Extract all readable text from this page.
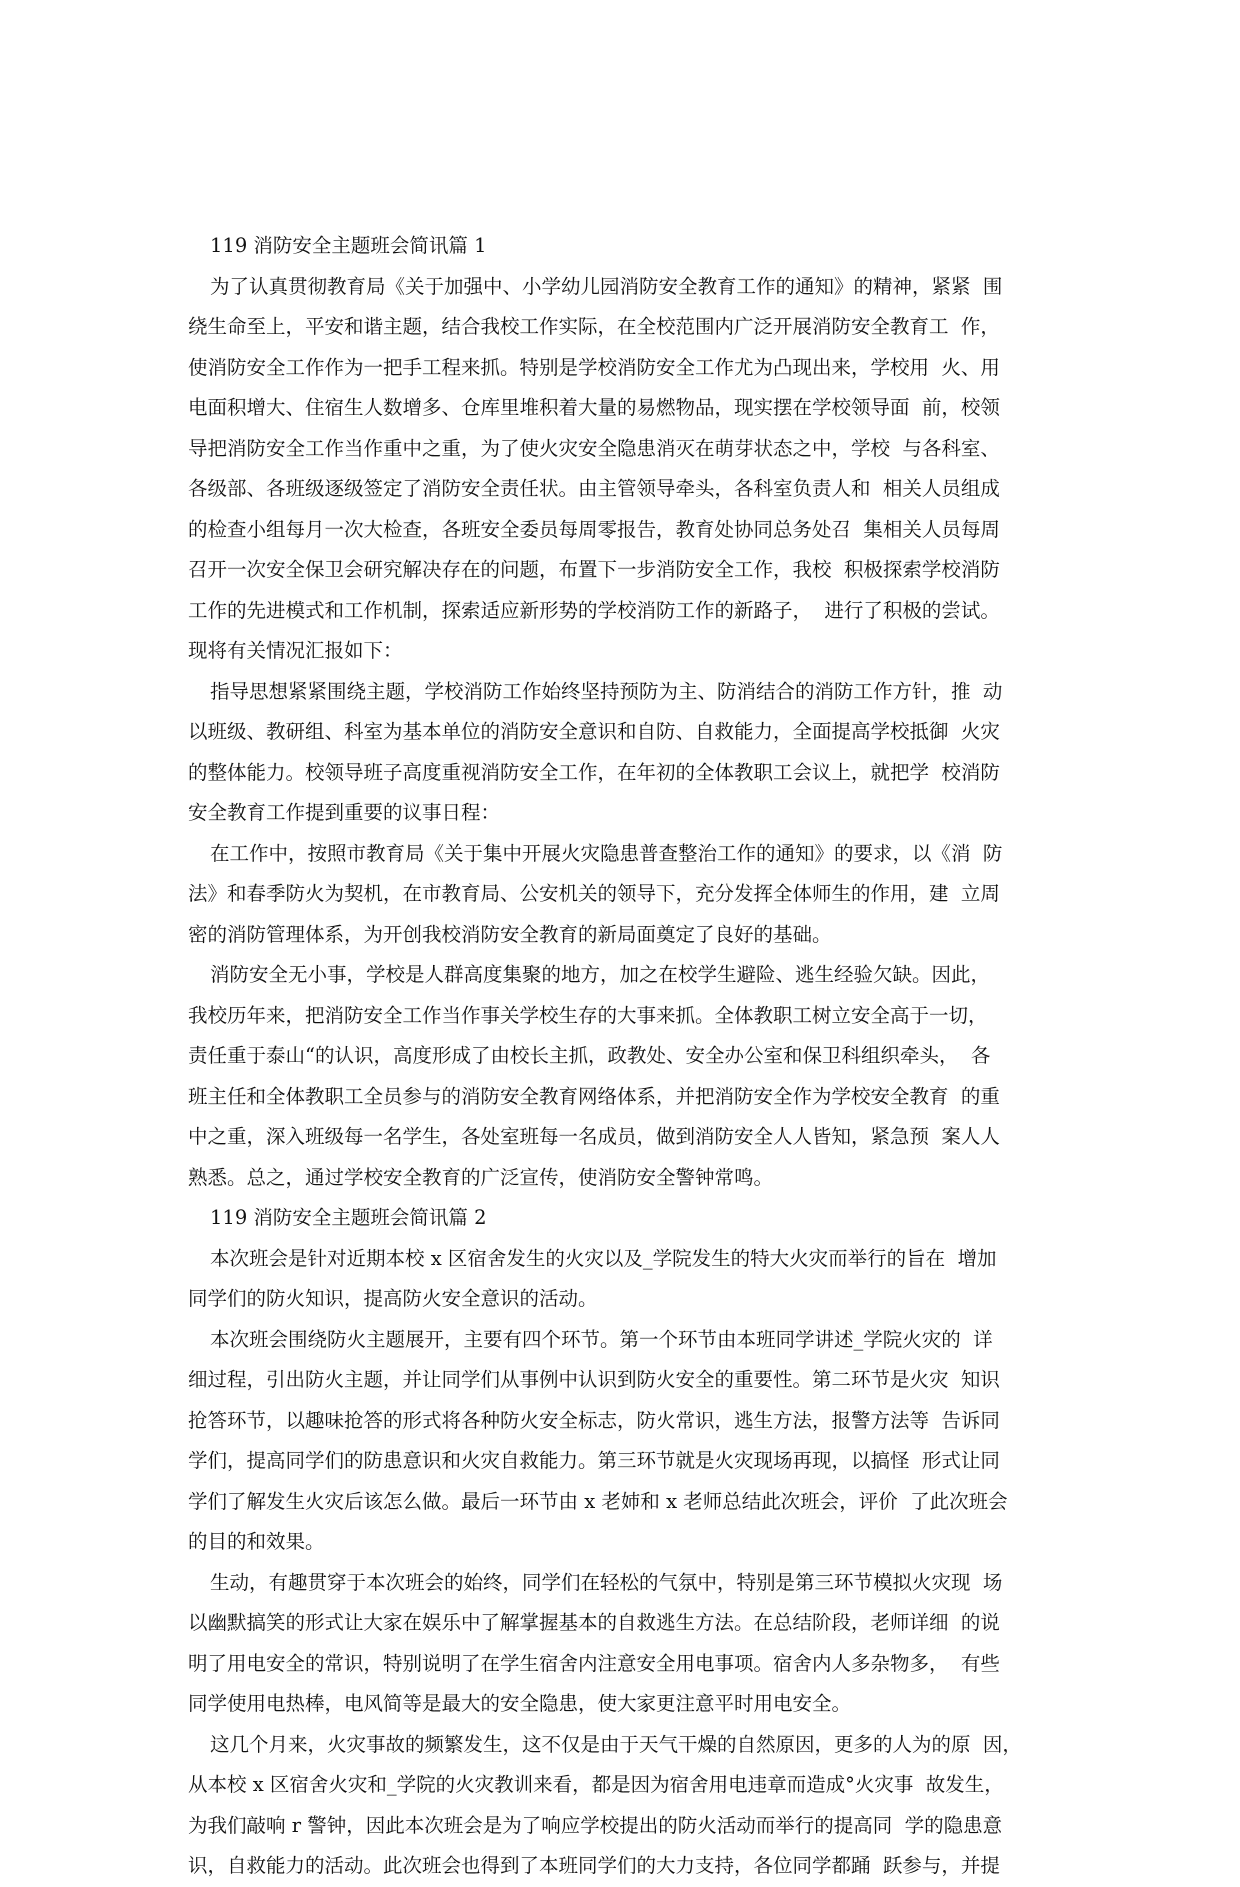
119 消防安全主题班会简讯篇 1
为了认真贯彻教育局《关于加强中、小学幼儿园消防安全教育工作的通知》的精神，紧紧  围
绕生命至上，平安和谐主题，结合我校工作实际，在全校范围内广泛开展消防安全教育工  作，
使消防安全工作作为一把手工程来抓。特别是学校消防安全工作尤为凸现出来，学校用  火、用
电面积增大、住宿生人数增多、仓库里堆积着大量的易燃物品，现实摆在学校领导面  前，校领
导把消防安全工作当作重中之重，为了使火灾安全隐患消灭在萌芽状态之中，学校  与各科室、
各级部、各班级逐级签定了消防安全责任状。由主管领导牵头，各科室负责人和  相关人员组成
的检查小组每月一次大检查，各班安全委员每周零报告，教育处协同总务处召  集相关人员每周
召开一次安全保卫会研究解决存在的问题，布置下一步消防安全工作，我校  积极探索学校消防
工作的先进模式和工作机制，探索适应新形势的学校消防工作的新路子，  进行了积极的尝试。
现将有关情况汇报如下：
指导思想紧紧围绕主题，学校消防工作始终坚持预防为主、防消结合的消防工作方针，推  动
以班级、教研组、科室为基本单位的消防安全意识和自防、自救能力，全面提高学校抵御  火灾
的整体能力。校领导班子高度重视消防安全工作，在年初的全体教职工会议上，就把学  校消防
安全教育工作提到重要的议事日程：
在工作中，按照市教育局《关于集中开展火灾隐患普查整治工作的通知》的要求，以《消  防
法》和春季防火为契机，在市教育局、公安机关的领导下，充分发挥全体师生的作用，建  立周
密的消防管理体系，为开创我校消防安全教育的新局面奠定了良好的基础。
消防安全无小事，学校是人群高度集聚的地方，加之在校学生避险、逃生经验欠缺。因此，
我校历年来，把消防安全工作当作事关学校生存的大事来抓。全体教职工树立安全高于一切，
责任重于泰山“的认识，高度形成了由校长主抓，政教处、安全办公室和保卫科组织牵头，  各
班主任和全体教职工全员参与的消防安全教育网络体系，并把消防安全作为学校安全教育  的重
中之重，深入班级每一名学生，各处室班每一名成员，做到消防安全人人皆知，紧急预  案人人
熟悉。总之，通过学校安全教育的广泛宣传，使消防安全警钟常鸣。
119 消防安全主题班会简讯篇 2
本次班会是针对近期本校 x 区宿舍发生的火灾以及_学院发生的特大火灾而举行的旨在  增加
同学们的防火知识，提高防火安全意识的活动。
本次班会围绕防火主题展开，主要有四个环节。第一个环节由本班同学讲述_学院火灾的  详
细过程，引出防火主题，并让同学们从事例中认识到防火安全的重要性。第二环节是火灾  知识
抢答环节，以趣味抢答的形式将各种防火安全标志，防火常识，逃生方法，报警方法等  告诉同
学们，提高同学们的防患意识和火灾自救能力。第三环节就是火灾现场再现，以搞怪  形式让同
学们了解发生火灾后该怎么做。最后一环节由 x 老姉和 x 老师总结此次班会，评价  了此次班会
的目的和效果。
生动，有趣贯穿于本次班会的始终，同学们在轻松的气氛中，特别是第三环节模拟火灾现  场
以幽默搞笑的形式让大家在娱乐中了解掌握基本的自救逃生方法。在总结阶段，老师详细  的说
明了用电安全的常识，特别说明了在学生宿舍内注意安全用电事项。宿舍内人多杂物多，  有些
同学使用电热棒，电风简等是最大的安全隐患，使大家更注意平时用电安全。
这几个月来，火灾事故的频繁发生，这不仅是由于天气干燥的自然原因，更多的人为的原  因，
从本校 x 区宿舍火灾和_学院的火灾教训来看，都是因为宿舍用电违章而造成°火灾事  故发生，
为我们敲响 r 警钟，因此本次班会是为了响应学校提出的防火活动而举行的提高同  学的隐患意
识，自救能力的活动。此次班会也得到了本班同学们的大力支持，各位同学都踊  跃参与，并提
